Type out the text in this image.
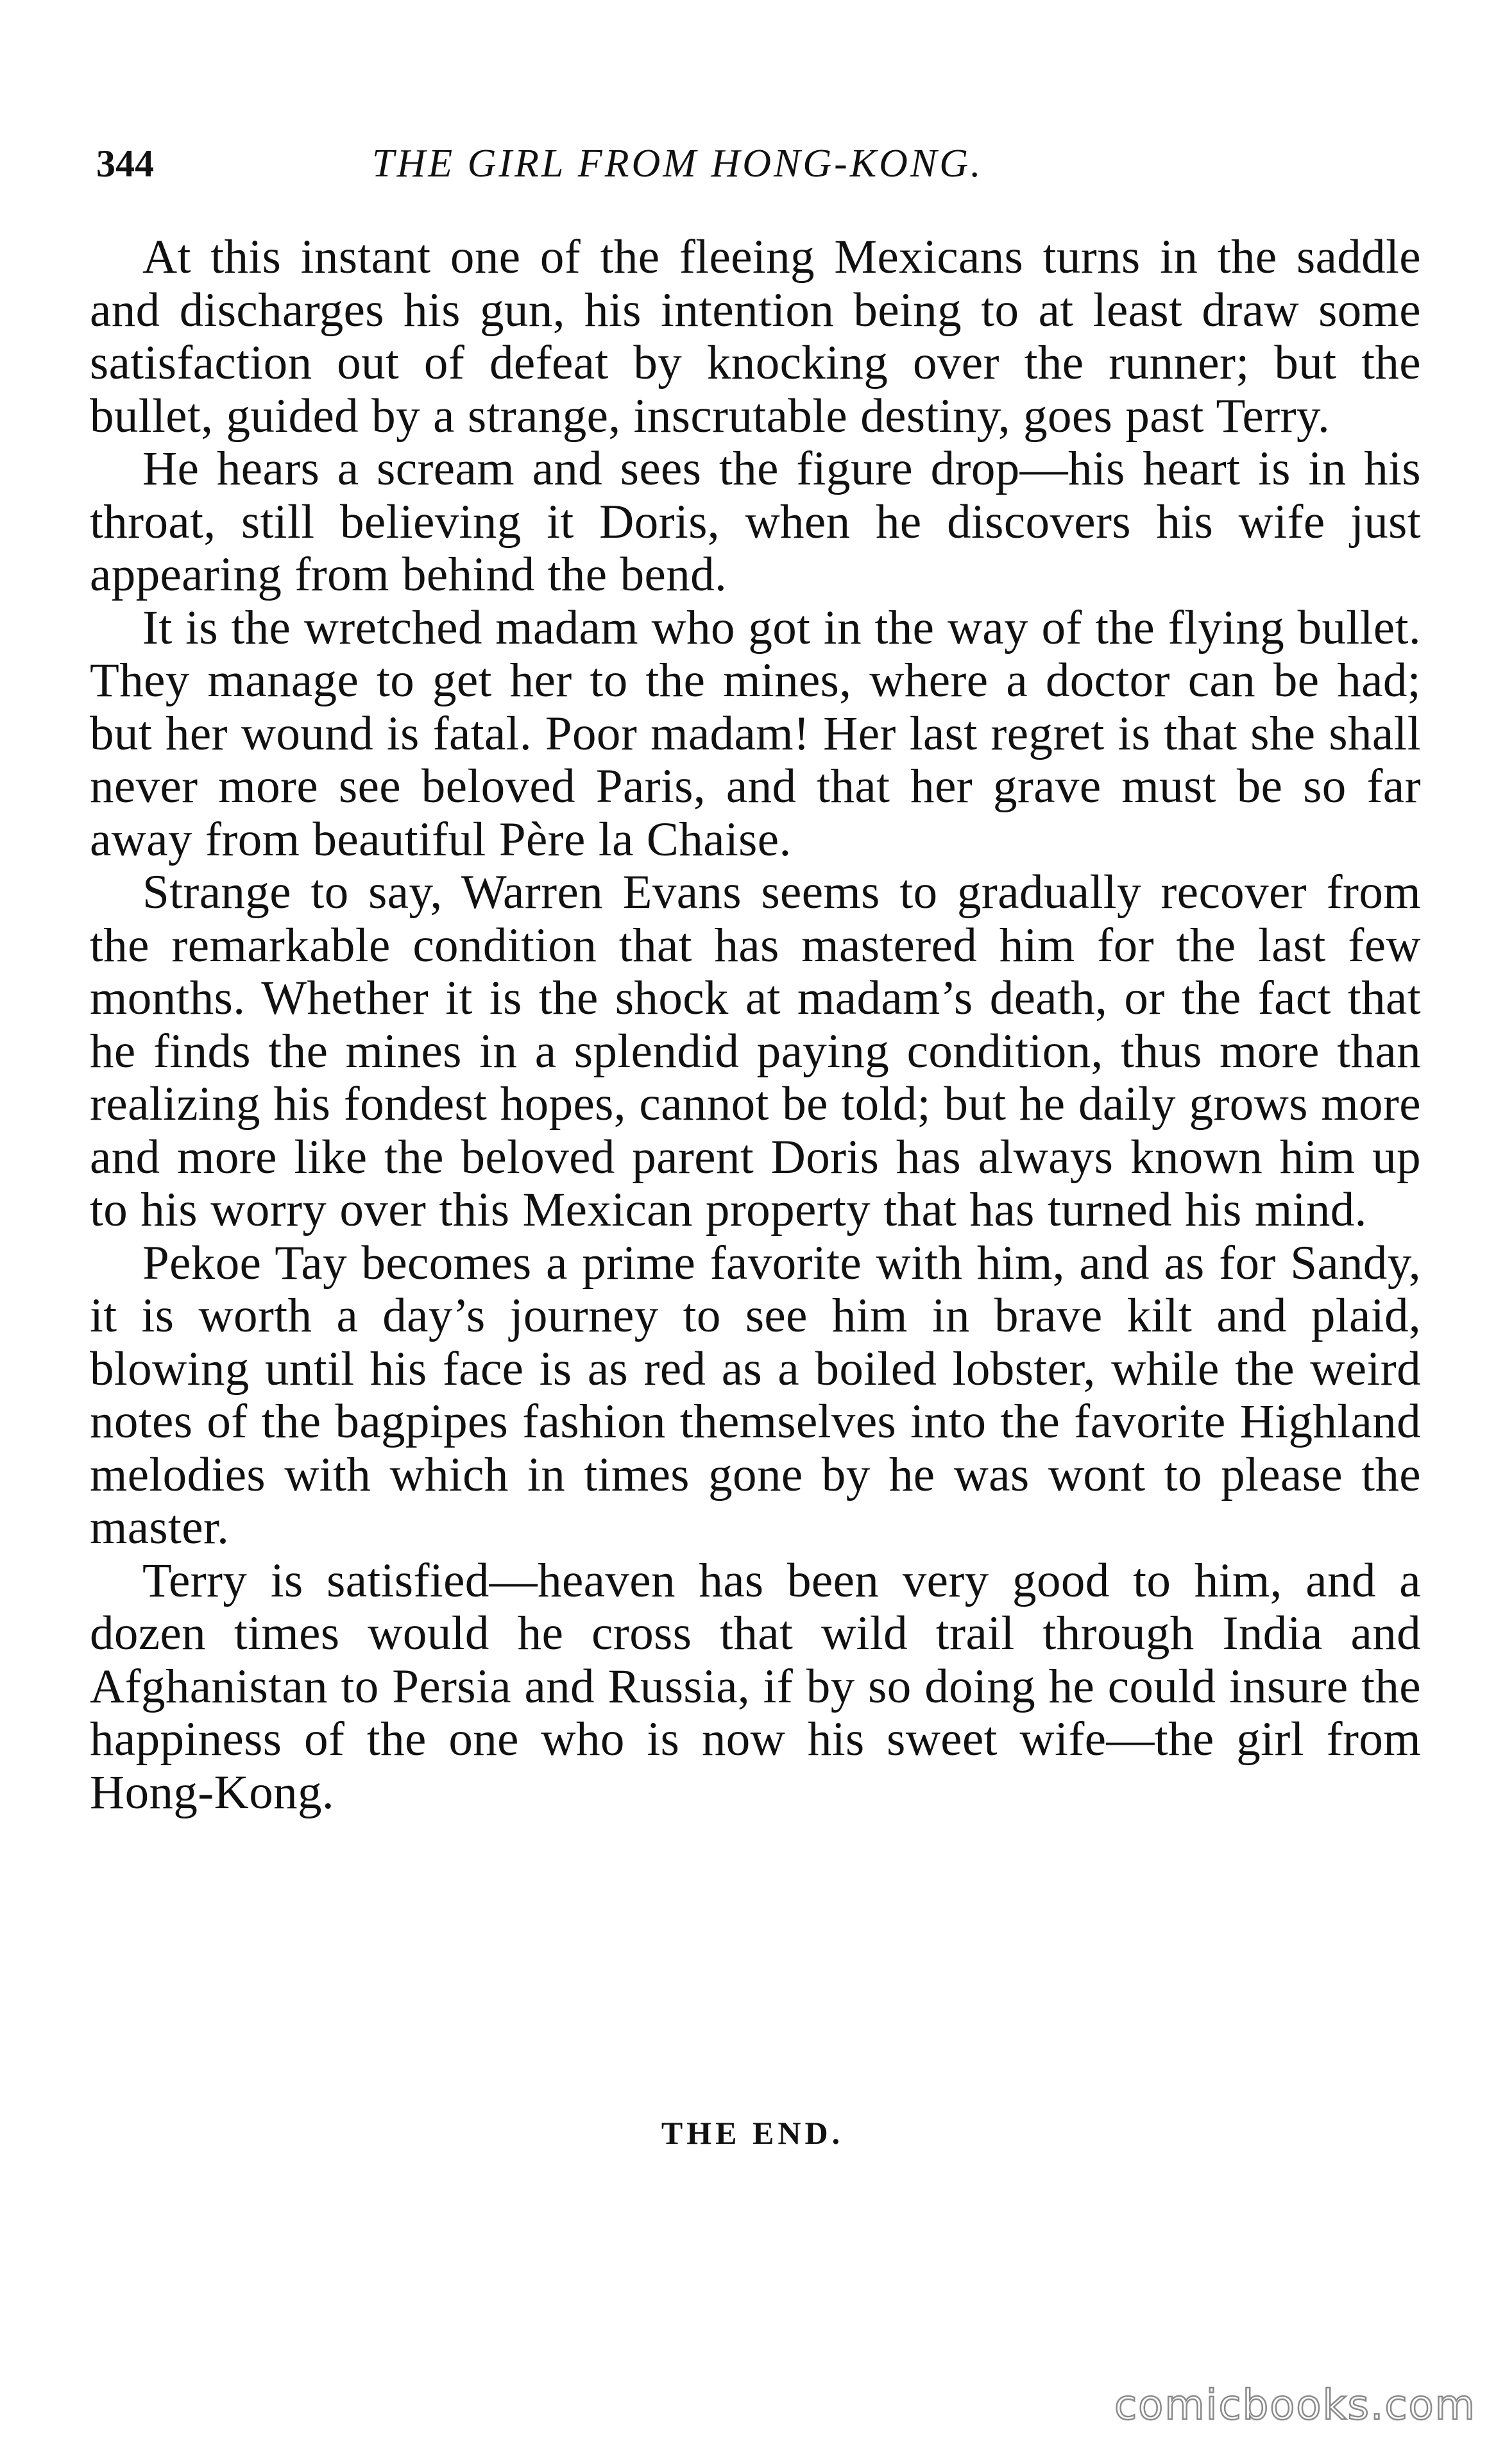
344	THE GIRL FROM HONG-KONG.

At this instant one of the fleeing Mexicans turns in the saddle and discharges his gun, his intention being to at least draw some satisfaction out of defeat by knocking over the runner; but the bullet, guided by a strange, inscrutable destiny, goes past Terry.

He hears a scream and sees the figure drop—his heart is in his throat, still believing it Doris, when he discovers his wife just appearing from behind the bend.

It is the wretched madam who got in the way of the flying bullet. They manage to get her to the mines, where a doctor can be had; but her wound is fatal. Poor madam! Her last regret is that she shall never more see beloved Paris, and that her grave must be so far away from beautiful Père la Chaise.

Strange to say, Warren Evans seems to gradually recover from the remarkable condition that has mastered him for the last few months. Whether it is the shock at madam’s death, or the fact that he finds the mines in a splendid paying condition, thus more than realizing his fondest hopes, cannot be told; but he daily grows more and more like the beloved parent Doris has always known him up to his worry over this Mexican property that has turned his mind.

Pekoe Tay becomes a prime favorite with him, and as for Sandy, it is worth a day’s journey to see him in brave kilt and plaid, blowing until his face is as red as a boiled lobster, while the weird notes of the bagpipes fashion themselves into the favorite Highland melodies with which in times gone by he was wont to please the master.

Terry is satisfied—heaven has been very good to him, and a dozen times would he cross that wild trail through India and Afghanistan to Persia and Russia, if by so doing he could insure the happiness of the one who is now his sweet wife—the girl from Hong-Kong.

THE END.
comicbooks.com
